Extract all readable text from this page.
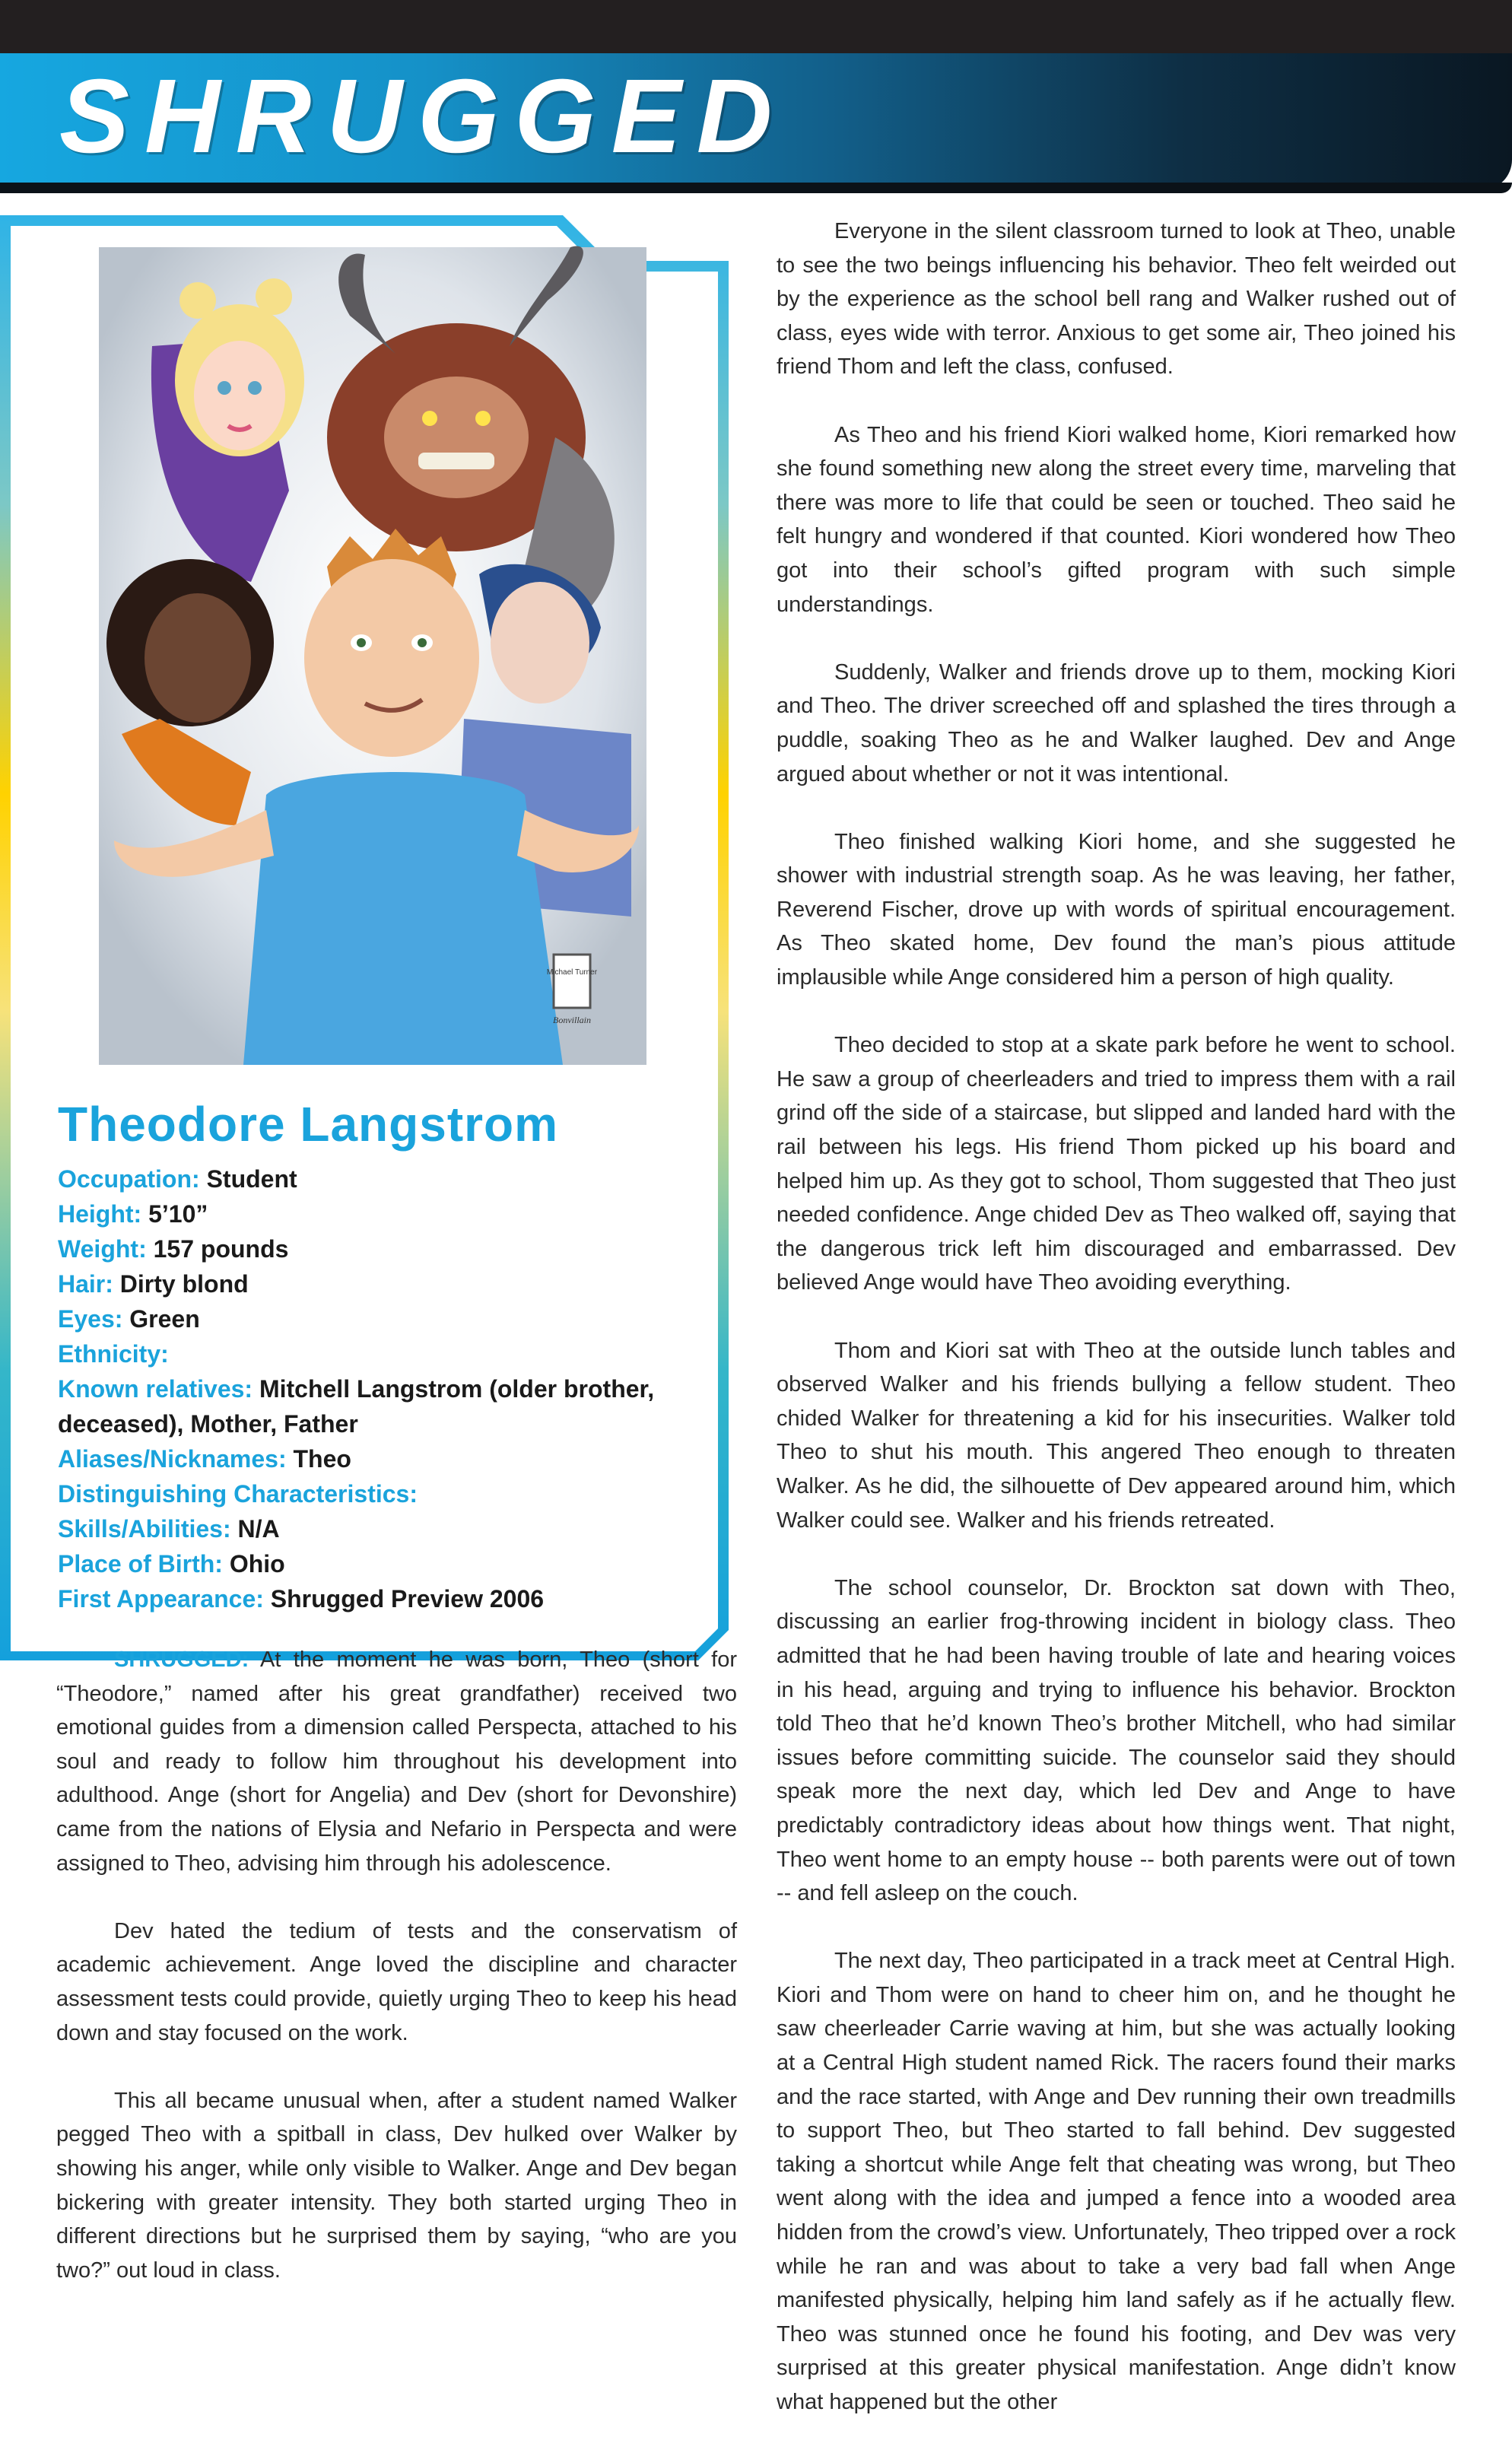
SHRUGGED
Michael Turner
Bonvillain
Theodore Langstrom
Occupation: Student
Height: 5’10”
Weight: 157 pounds
Hair: Dirty blond
Eyes: Green
Ethnicity:
Known relatives: Mitchell Langstrom (older brother, deceased), Mother, Father
Aliases/Nicknames: Theo
Distinguishing Characteristics:
Skills/Abilities: N/A
Place of Birth: Ohio
First Appearance: Shrugged Preview 2006

SHRUGGED: At the moment he was born, Theo (short for “Theodore,” named after his great grandfather) received two emotional guides from a dimension called Perspecta, attached to his soul and ready to follow him throughout his development into adulthood. Ange (short for Angelia) and Dev (short for Devonshire) came from the nations of Elysia and Nefario in Perspecta and were assigned to Theo, advising him through his adolescence.

Dev hated the tedium of tests and the conservatism of academic achievement. Ange loved the discipline and character assessment tests could provide, quietly urging Theo to keep his head down and stay focused on the work.

This all became unusual when, after a student named Walker pegged Theo with a spitball in class, Dev hulked over Walker by showing his anger, while only visible to Walker. Ange and Dev began bickering with greater intensity. They both started urging Theo in different directions but he surprised them by saying, “who are you two?” out loud in class.

Everyone in the silent classroom turned to look at Theo, unable to see the two beings influencing his behavior. Theo felt weirded out by the experience as the school bell rang and Walker rushed out of class, eyes wide with terror. Anxious to get some air, Theo joined his friend Thom and left the class, confused.

As Theo and his friend Kiori walked home, Kiori remarked how she found something new along the street every time, marveling that there was more to life that could be seen or touched. Theo said he felt hungry and wondered if that counted. Kiori wondered how Theo got into their school’s gifted program with such simple understandings.

Suddenly, Walker and friends drove up to them, mocking Kiori and Theo. The driver screeched off and splashed the tires through a puddle, soaking Theo as he and Walker laughed. Dev and Ange argued about whether or not it was intentional.

Theo finished walking Kiori home, and she suggested he shower with industrial strength soap. As he was leaving, her father, Reverend Fischer, drove up with words of spiritual encouragement. As Theo skated home, Dev found the man’s pious attitude implausible while Ange considered him a person of high quality.

Theo decided to stop at a skate park before he went to school. He saw a group of cheerleaders and tried to impress them with a rail grind off the side of a staircase, but slipped and landed hard with the rail between his legs. His friend Thom picked up his board and helped him up. As they got to school, Thom suggested that Theo just needed confidence. Ange chided Dev as Theo walked off, saying that the dangerous trick left him discouraged and embarrassed. Dev believed Ange would have Theo avoiding everything.

Thom and Kiori sat with Theo at the outside lunch tables and observed Walker and his friends bullying a fellow student. Theo chided Walker for threatening a kid for his insecurities. Walker told Theo to shut his mouth. This angered Theo enough to threaten Walker. As he did, the silhouette of Dev appeared around him, which Walker could see. Walker and his friends retreated.

The school counselor, Dr. Brockton sat down with Theo, discussing an earlier frog-throwing incident in biology class. Theo admitted that he had been having trouble of late and hearing voices in his head, arguing and trying to influence his behavior. Brockton told Theo that he’d known Theo’s brother Mitchell, who had similar issues before committing suicide. The counselor said they should speak more the next day, which led Dev and Ange to have predictably contradictory ideas about how things went. That night, Theo went home to an empty house -- both parents were out of town -- and fell asleep on the couch.

The next day, Theo participated in a track meet at Central High. Kiori and Thom were on hand to cheer him on, and he thought he saw cheerleader Carrie waving at him, but she was actually looking at a Central High student named Rick. The racers found their marks and the race started, with Ange and Dev running their own treadmills to support Theo, but Theo started to fall behind. Dev suggested taking a shortcut while Ange felt that cheating was wrong, but Theo went along with the idea and jumped a fence into a wooded area hidden from the crowd’s view. Unfortunately, Theo tripped over a rock while he ran and was about to take a very bad fall when Ange manifested physically, helping him land safely as if he actually flew. Theo was stunned once he found his footing, and Dev was very surprised at this greater physical manifestation. Ange didn’t know what happened but the other
